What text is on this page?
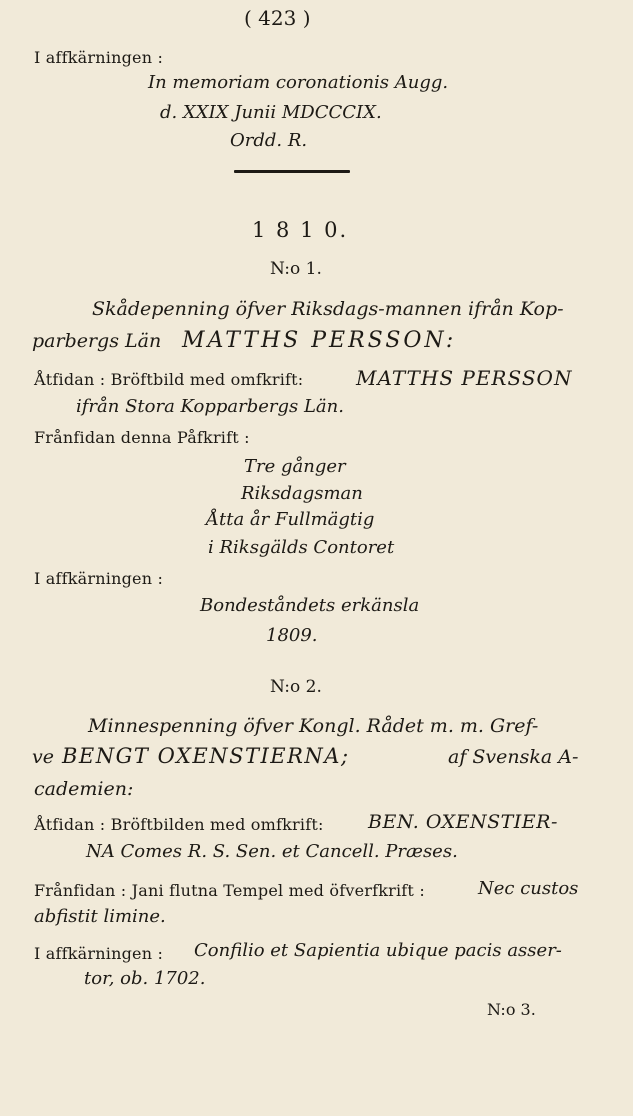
( 423 )
I affkärningen :
In memoriam coronationis Augg.
d. XXIX Junii MDCCCIX.
Ordd. R.
1 8 1 0.
N:o 1.
Skådepenning öfver Riksdags-mannen ifrån Kop-
parbergs Län MATTHS PERSSON:
Åtfidan : Bröftbild med omfkrift:	MATTHS PERSSON
ifrån Stora Kopparbergs Län.
Frånfidan denna Påfkrift :
Tre gånger
Riksdagsman
Åtta år Fullmägtig
i Riksgälds Contoret
I affkärningen :
Bondeståndets erkänsla
1809.
N:o 2.
Minnespenning öfver Kongl. Rådet m. m. Gref-
ve BENGT OXENSTIERNA;	af Svenska A-
cademien:
Åtfidan : Bröftbilden med omfkrift: BEN. OXENSTIER-
NA Comes R. S. Sen. et Cancell. Præses.
Frånfidan : Jani flutna Tempel med öfverfkrift :	Nec custos
abfistit limine.
I affkärningen : Confilio et Sapientia ubique pacis asser-
tor, ob. 1702.
N:o 3.
